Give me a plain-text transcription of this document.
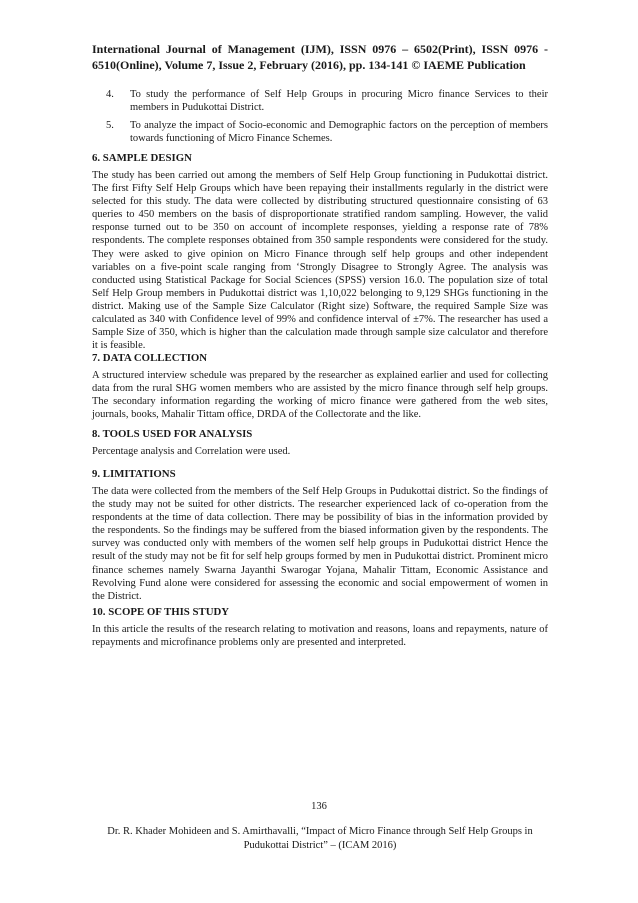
International Journal of Management (IJM), ISSN 0976 – 6502(Print), ISSN 0976 - 6510(Online), Volume 7, Issue 2, February (2016), pp. 134-141 © IAEME Publication
4.	To study the performance of Self Help Groups in procuring Micro finance Services to their members in Pudukottai District.
5.	To analyze the impact of Socio-economic and Demographic factors on the perception of members towards functioning of Micro Finance Schemes.
6. SAMPLE DESIGN

The study has been carried out among the members of Self Help Group functioning in Pudukottai district. The first Fifty Self Help Groups which have been repaying their installments regularly in the district were selected for this study. The data were collected by distributing structured questionnaire consisting of 63 queries to 450 members on the basis of disproportionate stratified random sampling. However, the valid response turned out to be 350 on account of incomplete responses, yielding a response rate of 78% respondents. The complete responses obtained from 350 sample respondents were considered for the study. They were asked to give opinion on Micro Finance through self help groups and other independent variables on a five-point scale ranging from ‘Strongly Disagree to Strongly Agree. The analysis was conducted using Statistical Package for Social Sciences (SPSS) version 16.0. The population size of total Self Help Group members in Pudukottai district was 1,10,022 belonging to 9,129 SHGs functioning in the district. Making use of the Sample Size Calculator (Right size) Software, the required Sample Size was calculated as 340 with Confidence level of 99% and confidence interval of ±7%. The researcher has used a Sample Size of 350, which is higher than the calculation made through sample size calculator and therefore it is feasible.

7. DATA COLLECTION

A structured interview schedule was prepared by the researcher as explained earlier and used for collecting data from the rural SHG women members who are assisted by the micro finance through self help groups. The secondary information regarding the working of micro finance were gathered from the web sites, journals, books, Mahalir Tittam office, DRDA of the Collectorate and the like.

8. TOOLS USED FOR ANALYSIS

Percentage analysis and Correlation were used.

9. LIMITATIONS

The data were collected from the members of the Self Help Groups in Pudukottai district. So the findings of the study may not be suited for other districts. The researcher experienced lack of co-operation from the respondents at the time of data collection. There may be possibility of bias in the information provided by the respondents. So the findings may be suffered from the biased information given by the respondents. The survey was conducted only with members of the women self help groups in Pudukottai district Hence the result of the study may not be fit for self help groups formed by men in Pudukottai district. Prominent micro finance schemes namely Swarna Jayanthi Swarogar Yojana, Mahalir Tittam, Economic Assistance and Revolving Fund alone were considered for assessing the economic and social empowerment of women in the District.

10. SCOPE OF THIS STUDY

In this article the results of the research relating to motivation and reasons, loans and repayments, nature of repayments and microfinance problems only are presented and interpreted.

136
Dr. R. Khader Mohideen and S. Amirthavalli, “Impact of Micro Finance through Self Help Groups in Pudukottai District” – (ICAM 2016)
